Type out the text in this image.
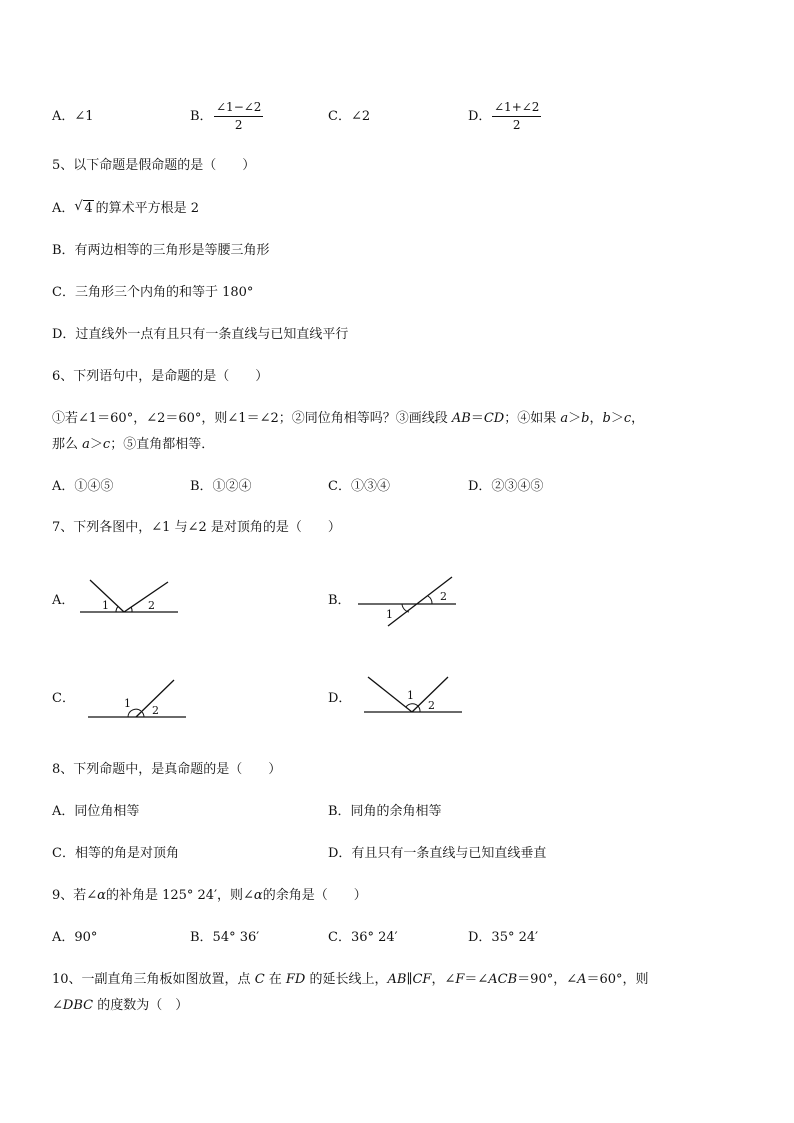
A．∠1	B． $\frac{\angle 1-\angle 2}{2}$	C．∠2	D． $\frac{\angle 1+\angle 2}{2}$
5、以下命题是假命题的是（　　）
A． √ 4 的算术平方根是 2
B．有两边相等的三角形是等腰三角形
C．三角形三个内角的和等于 180°
D．过直线外一点有且只有一条直线与已知直线平行
6、下列语句中，是命题的是（　　）
①若∠1＝60°，∠2＝60°，则∠1＝∠2；②同位角相等吗？③画线段 AB＝CD；④如果 a＞b，b＞c，
那么 a＞c；⑤直角都相等．
A．①④⑤	B．①②④	C．①③④	D．②③④⑤
7、下列各图中，∠1 与∠2 是对顶角的是（　　）
A．	1	2	B．	2
1
C．	1
2
D．	1
2
8、下列命题中，是真命题的是（　　）
A．同位角相等	B．同角的余角相等
C．相等的角是对顶角	D．有且只有一条直线与已知直线垂直
9、若∠α的补角是 125° 24′，则∠α的余角是（　　）
A．90°	B．54° 36′	C．36° 24′	D．35° 24′
10、一副直角三角板如图放置，点 C 在 FD 的延长线上，AB∥CF，∠F＝∠ACB＝90°，∠A＝60°，则
∠DBC 的度数为（　）
